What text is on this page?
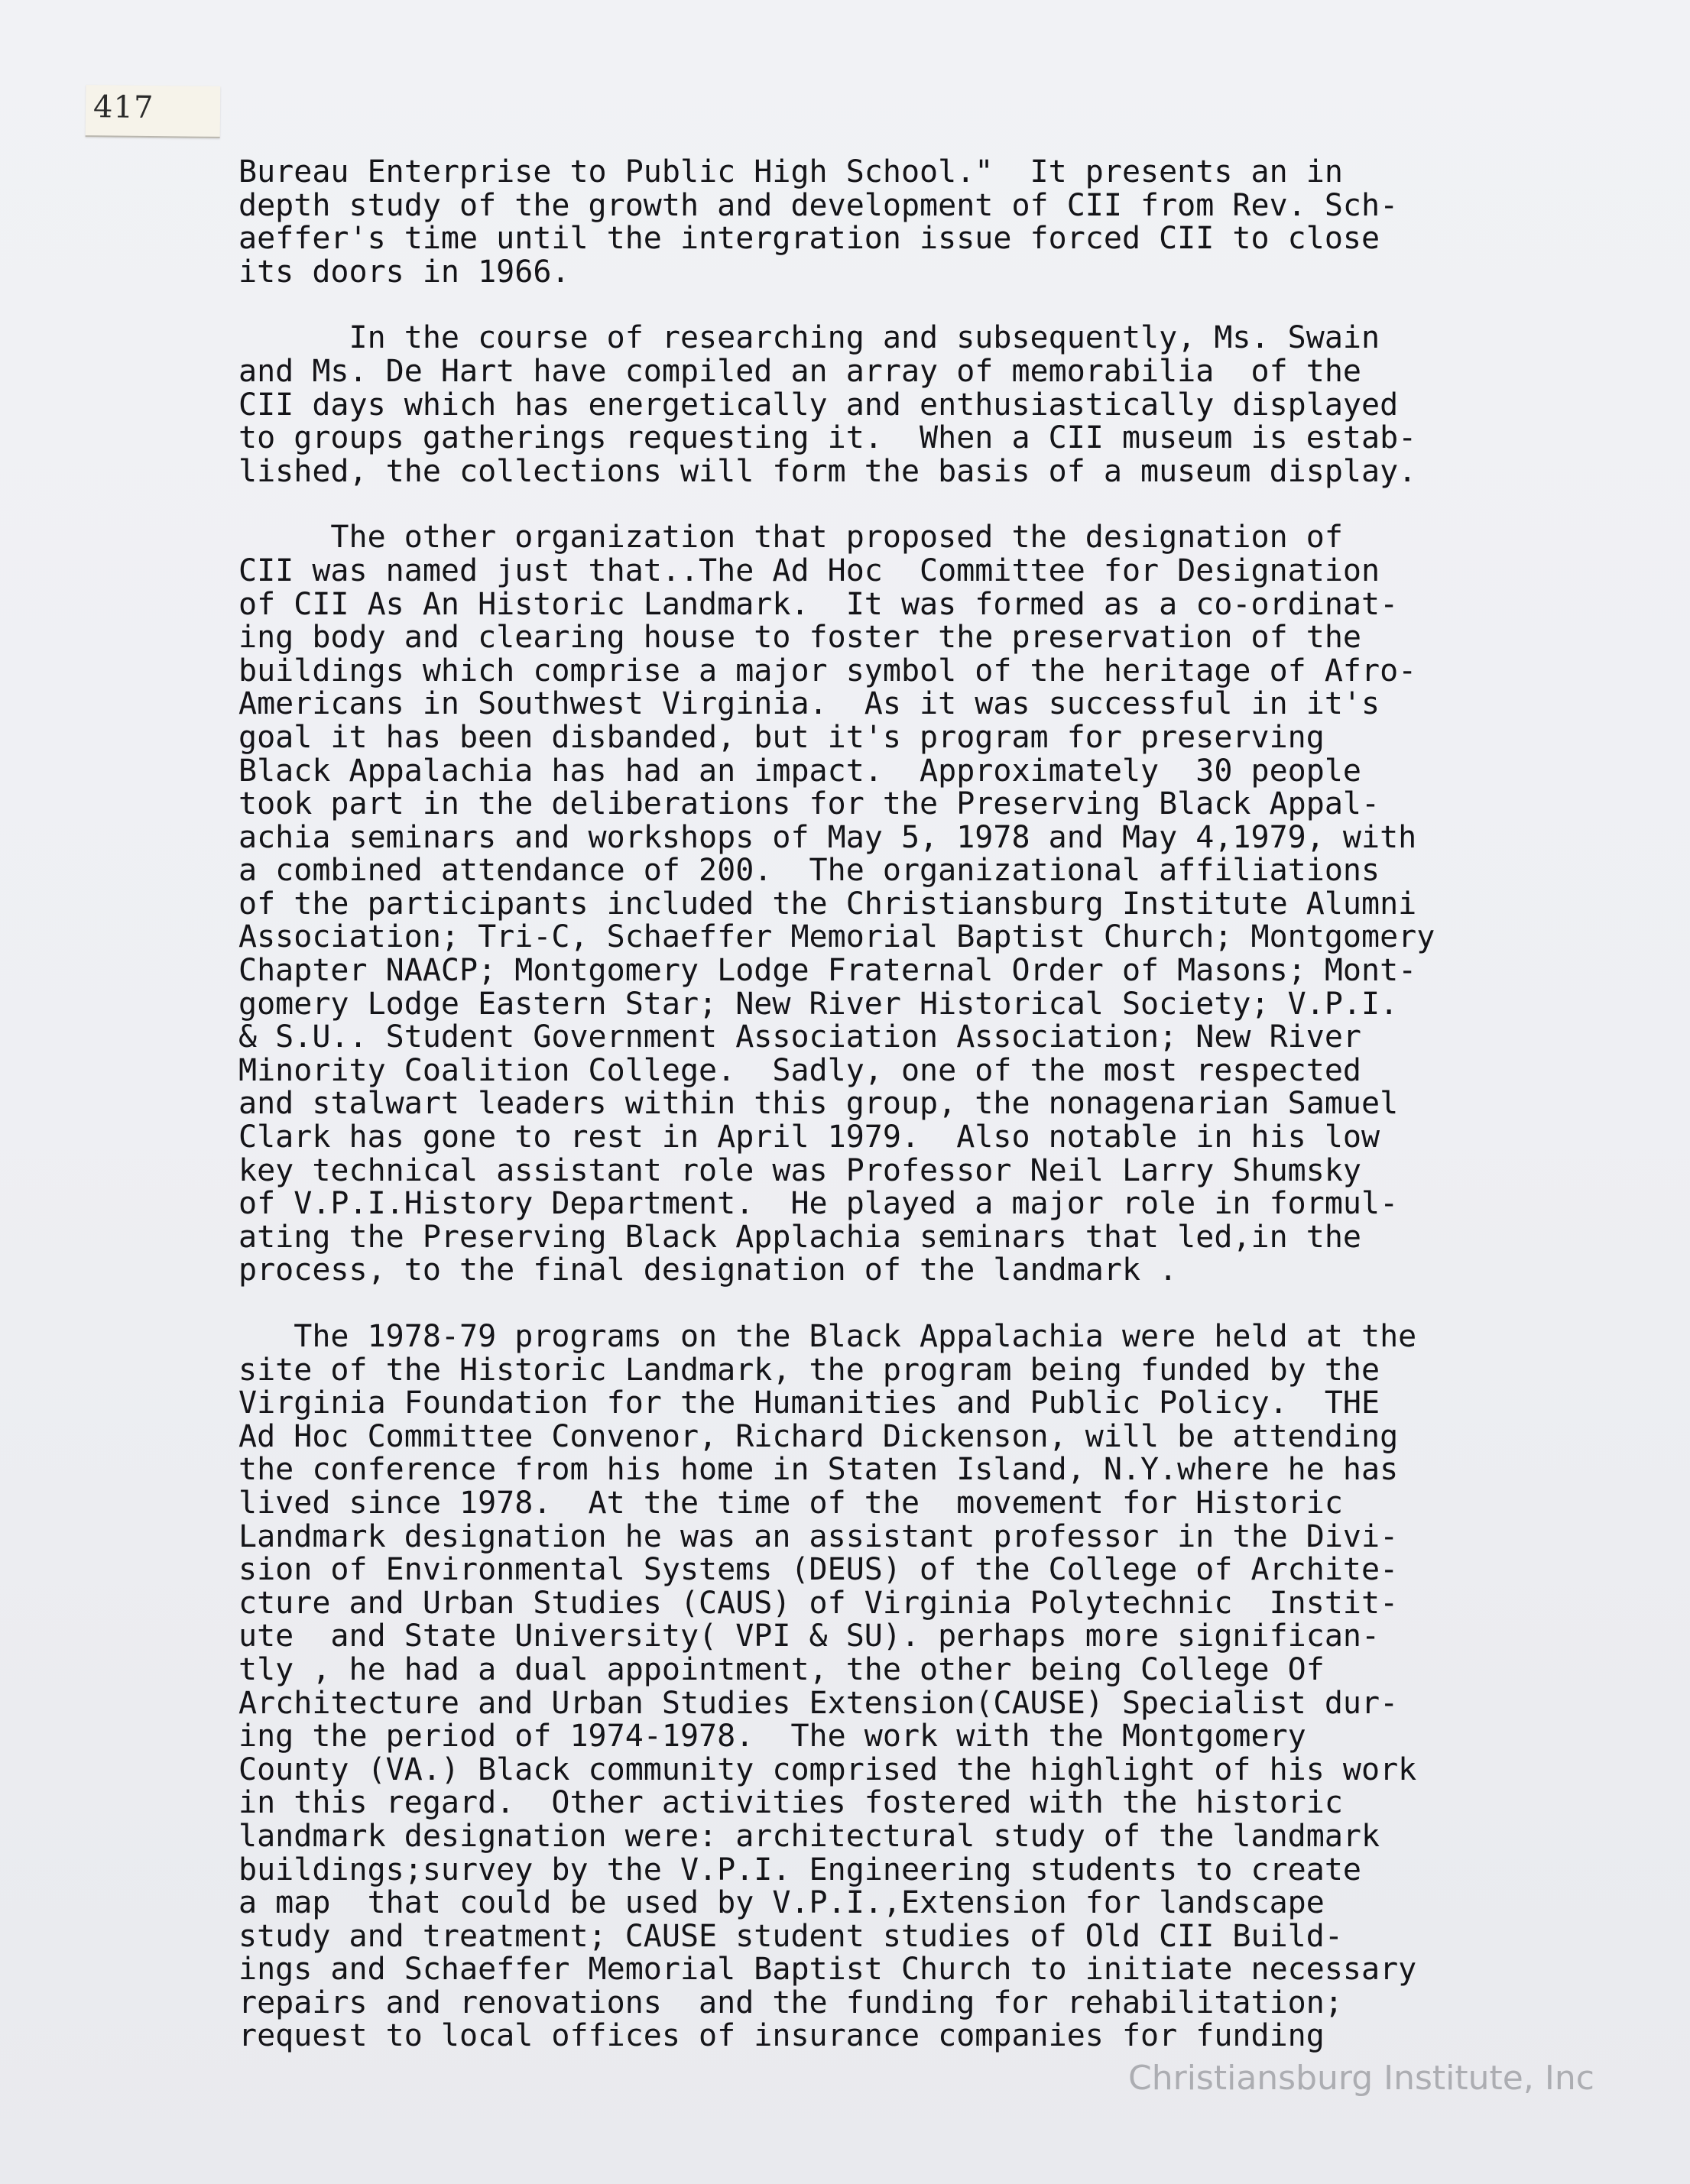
417
Bureau Enterprise to Public High School."  It presents an in
depth study of the growth and development of CII from Rev. Sch-
aeffer's time until the intergration issue forced CII to close
its doors in 1966.
In the course of researching and subsequently, Ms. Swain
and Ms. De Hart have compiled an array of memorabilia  of the
CII days which has energetically and enthusiastically displayed
to groups gatherings requesting it.  When a CII museum is estab-
lished, the collections will form the basis of a museum display.
The other organization that proposed the designation of
CII was named just that..The Ad Hoc  Committee for Designation
of CII As An Historic Landmark.  It was formed as a co-ordinat-
ing body and clearing house to foster the preservation of the
buildings which comprise a major symbol of the heritage of Afro-
Americans in Southwest Virginia.  As it was successful in it's
goal it has been disbanded, but it's program for preserving
Black Appalachia has had an impact.  Approximately  30 people
took part in the deliberations for the Preserving Black Appal-
achia seminars and workshops of May 5, 1978 and May 4,1979, with
a combined attendance of 200.  The organizational affiliations
of the participants included the Christiansburg Institute Alumni
Association; Tri-C, Schaeffer Memorial Baptist Church; Montgomery
Chapter NAACP; Montgomery Lodge Fraternal Order of Masons; Mont-
gomery Lodge Eastern Star; New River Historical Society; V.P.I.
& S.U.. Student Government Association Association; New River
Minority Coalition College.  Sadly, one of the most respected
and stalwart leaders within this group, the nonagenarian Samuel
Clark has gone to rest in April 1979.  Also notable in his low
key technical assistant role was Professor Neil Larry Shumsky
of V.P.I.History Department.  He played a major role in formul-
ating the Preserving Black Applachia seminars that led,in the
process, to the final designation of the landmark .
The 1978-79 programs on the Black Appalachia were held at the
site of the Historic Landmark, the program being funded by the
Virginia Foundation for the Humanities and Public Policy.  THE
Ad Hoc Committee Convenor, Richard Dickenson, will be attending
the conference from his home in Staten Island, N.Y.where he has
lived since 1978.  At the time of the  movement for Historic
Landmark designation he was an assistant professor in the Divi-
sion of Environmental Systems (DEUS) of the College of Archite-
cture and Urban Studies (CAUS) of Virginia Polytechnic  Instit-
ute  and State University( VPI & SU). perhaps more significan-
tly , he had a dual appointment, the other being College Of
Architecture and Urban Studies Extension(CAUSE) Specialist dur-
ing the period of 1974-1978.  The work with the Montgomery
County (VA.) Black community comprised the highlight of his work
in this regard.  Other activities fostered with the historic
landmark designation were: architectural study of the landmark
buildings;survey by the V.P.I. Engineering students to create
a map  that could be used by V.P.I.,Extension for landscape
study and treatment; CAUSE student studies of Old CII Build-
ings and Schaeffer Memorial Baptist Church to initiate necessary
repairs and renovations  and the funding for rehabilitation;
request to local offices of insurance companies for funding
Christiansburg Institute, Inc
